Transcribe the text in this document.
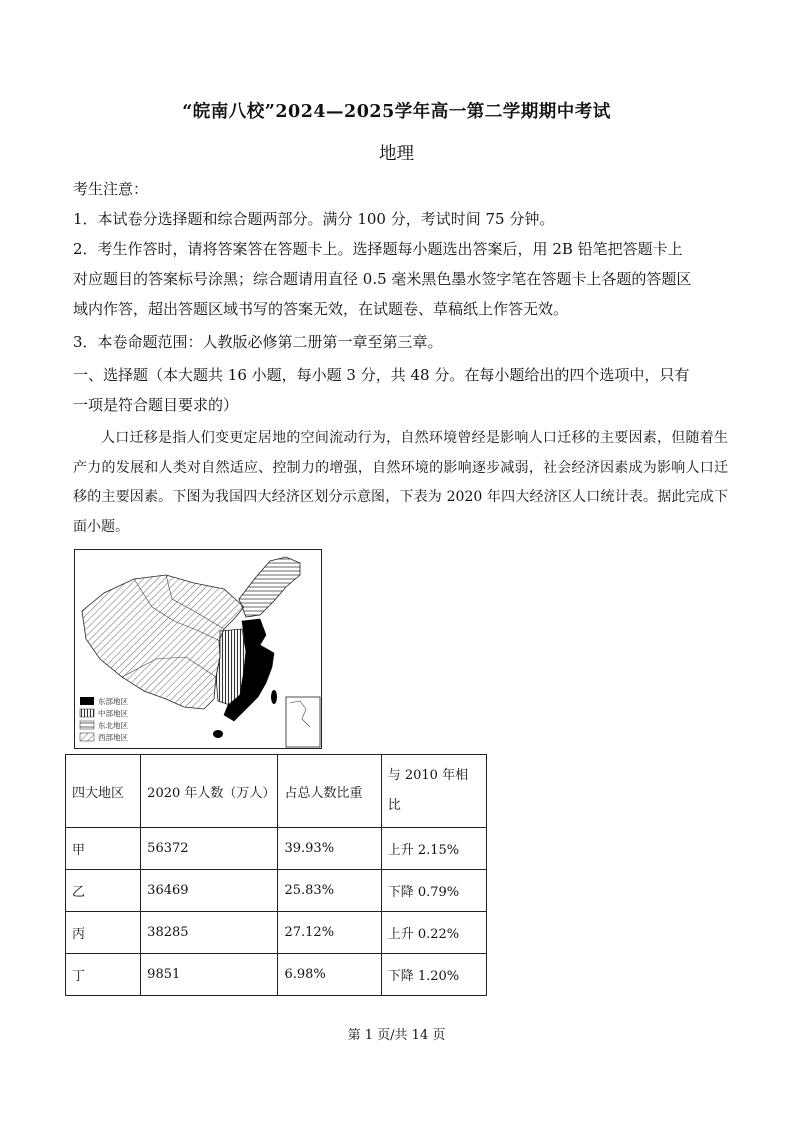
“皖南八校”2024—2025学年高一第二学期期中考试
地理
考生注意：
1．本试卷分选择题和综合题两部分。满分 100 分，考试时间 75 分钟。
2．考生作答时，请将答案答在答题卡上。选择题每小题选出答案后，用 2B 铅笔把答题卡上
对应题目的答案标号涂黑；综合题请用直径 0.5 毫米黑色墨水签字笔在答题卡上各题的答题区
域内作答，超出答题区域书写的答案无效，在试题卷、草稿纸上作答无效。
3．本卷命题范围：人教版必修第二册第一章至第三章。
一、选择题（本大题共 16 小题，每小题 3 分，共 48 分。在每小题给出的四个选项中，只有
一项是符合题目要求的）
人口迁移是指人们变更定居地的空间流动行为，自然环境曾经是影响人口迁移的主要因素，但随着生产力的发展和人类对自然适应、控制力的增强，自然环境的影响逐步减弱，社会经济因素成为影响人口迁移的主要因素。下图为我国四大经济区划分示意图，下表为 2020 年四大经济区人口统计表。据此完成下面小题。
东部地区
中部地区
东北地区
西部地区
四大地区	2020 年人数（万人）	占总人数比重	与 2010 年相比
甲	56372	39.93%	上升 2.15%
乙	36469	25.83%	下降 0.79%
丙	38285	27.12%	上升 0.22%
丁	9851	6.98%	下降 1.20%
第 1 页/共 14 页
